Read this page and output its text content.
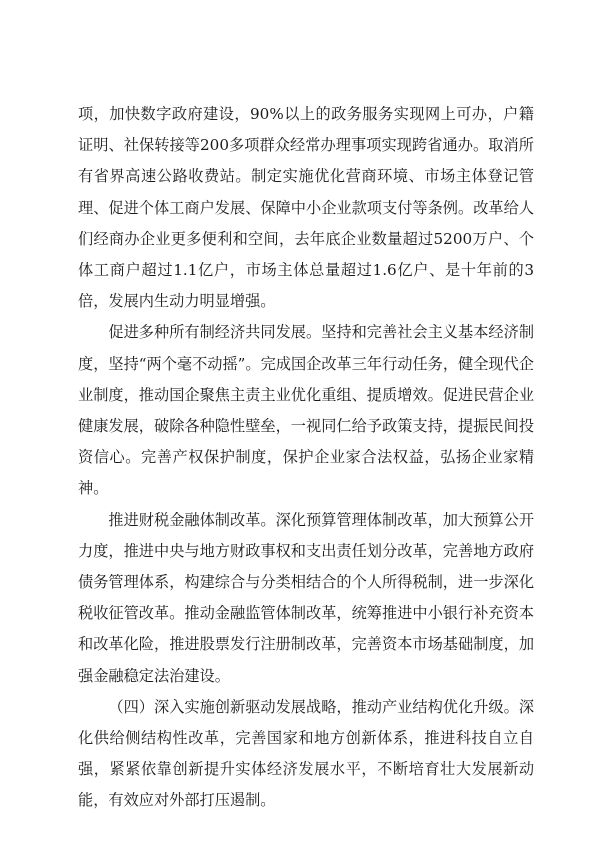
项，加快数字政府建设，90%以上的政务服务实现网上可办，户籍证明、社保转接等200多项群众经常办理事项实现跨省通办。取消所有省界高速公路收费站。制定实施优化营商环境、市场主体登记管理、促进个体工商户发展、保障中小企业款项支付等条例。改革给人们经商办企业更多便利和空间，去年底企业数量超过5200万户、个体工商户超过1.1亿户，市场主体总量超过1.6亿户、是十年前的3倍，发展内生动力明显增强。

促进多种所有制经济共同发展。坚持和完善社会主义基本经济制度，坚持“两个毫不动摇”。完成国企改革三年行动任务，健全现代企业制度，推动国企聚焦主责主业优化重组、提质增效。促进民营企业健康发展，破除各种隐性壁垒，一视同仁给予政策支持，提振民间投资信心。完善产权保护制度，保护企业家合法权益，弘扬企业家精神。

推进财税金融体制改革。深化预算管理体制改革，加大预算公开力度，推进中央与地方财政事权和支出责任划分改革，完善地方政府债务管理体系，构建综合与分类相结合的个人所得税制，进一步深化税收征管改革。推动金融监管体制改革，统筹推进中小银行补充资本和改革化险，推进股票发行注册制改革，完善资本市场基础制度，加强金融稳定法治建设。

（四）深入实施创新驱动发展战略，推动产业结构优化升级。深化供给侧结构性改革，完善国家和地方创新体系，推进科技自立自强，紧紧依靠创新提升实体经济发展水平，不断培育壮大发展新动能，有效应对外部打压遏制。
